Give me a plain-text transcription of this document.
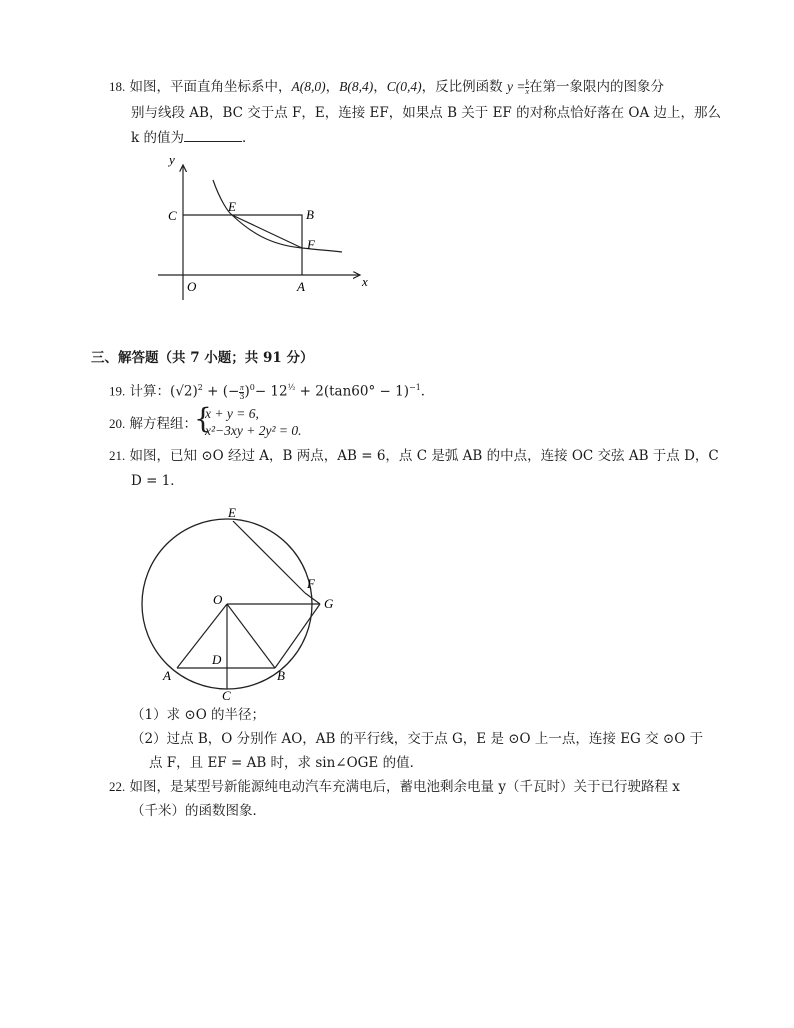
18. 如图，平面直角坐标系中，A(8,0)，B(8,4)，C(0,4)，反比例函数 $y = \frac{k}{x}$ 在第一象限内的图象分
别与线段 AB，BC 交于点 F，E，连接 EF，如果点 B 关于 EF 的对称点恰好落在 OA 边上，那么
k 的值为	．
y
x
C
E
B
F
O	A
三、解答题（共 7 小题；共 91 分）
19. 计算：$(√2)^2$ + (− $\frac{\pi}{3} )^0- 12^{\frac{1}{2}} + 2(\tan 60^\circ - 1)^{-1}$．
20. 解方程组：
{
x + y = 6,
x²−3xy + 2y² = 0.
21. 如图，已知 ⊙O 经过 A，B 两点，AB = 6，点 C 是弧 AB 的中点，连接 OC 交弦 AB 于点 D，C
D = 1．
E
F
O	G
D
A	B
C
（1）求 ⊙O 的半径；
（2）过点 B，O 分别作 AO，AB 的平行线，交于点 G，E 是 ⊙O 上一点，连接 EG 交 ⊙O 于
点 F，且 EF = AB 时，求 sin∠OGE 的值．
22. 如图，是某型号新能源纯电动汽车充满电后，蓄电池剩余电量 y（千瓦时）关于已行驶路程 x
（千米）的函数图象．
